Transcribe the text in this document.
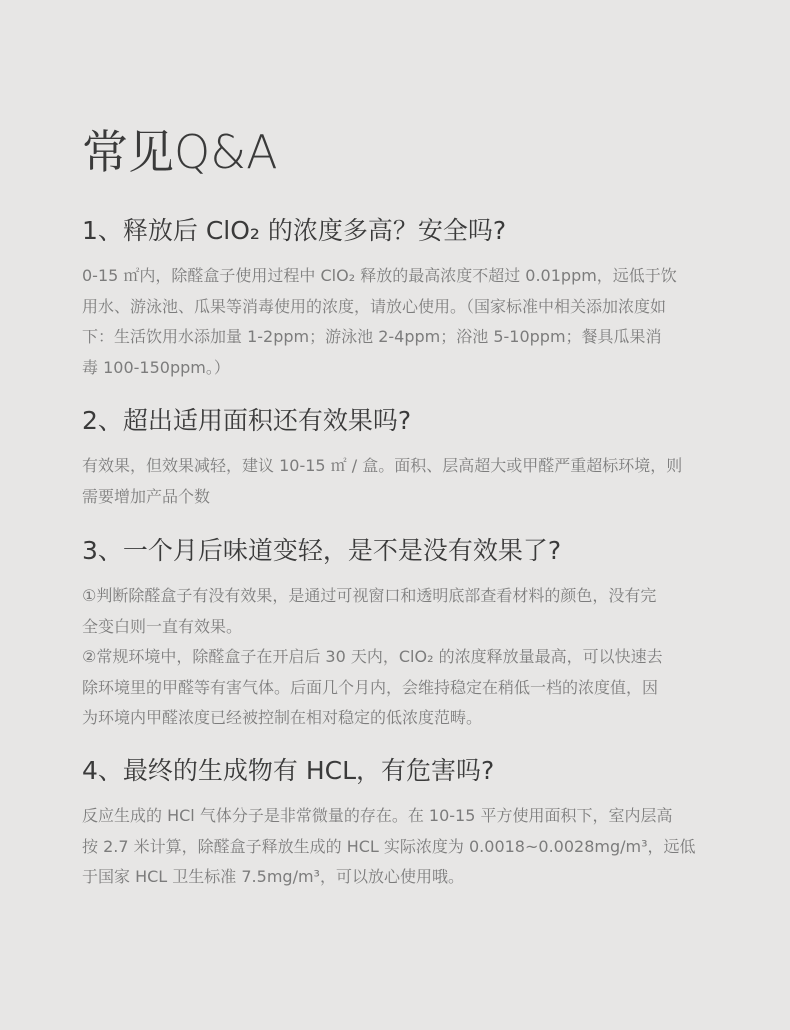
常见Q&A
1、释放后 ClO₂ 的浓度多高？安全吗?

0-15 ㎡内，除醛盒子使用过程中 ClO₂ 释放的最高浓度不超过 0.01ppm，远低于饮

用水、游泳池、瓜果等消毒使用的浓度，请放心使用。（国家标准中相关添加浓度如

下：生活饮用水添加量 1-2ppm；游泳池 2-4ppm；浴池 5-10ppm；餐具瓜果消

毒 100-150ppm。）

2、超出适用面积还有效果吗?

有效果，但效果减轻，建议 10-15 ㎡ / 盒。面积、层高超大或甲醛严重超标环境，则

需要增加产品个数

3、一个月后味道变轻，是不是没有效果了?

①判断除醛盒子有没有效果，是通过可视窗口和透明底部查看材料的颜色，没有完

全变白则一直有效果。

②常规环境中，除醛盒子在开启后 30 天内，ClO₂ 的浓度释放量最高，可以快速去

除环境里的甲醛等有害气体。后面几个月内，会维持稳定在稍低一档的浓度值，因

为环境内甲醛浓度已经被控制在相对稳定的低浓度范畴。

4、最终的生成物有 HCL，有危害吗?

反应生成的 HCl 气体分子是非常微量的存在。在 10-15 平方使用面积下，室内层高

按 2.7 米计算，除醛盒子释放生成的 HCL 实际浓度为 0.0018~0.0028mg/m³，远低

于国家 HCL 卫生标准 7.5mg/m³，可以放心使用哦。
